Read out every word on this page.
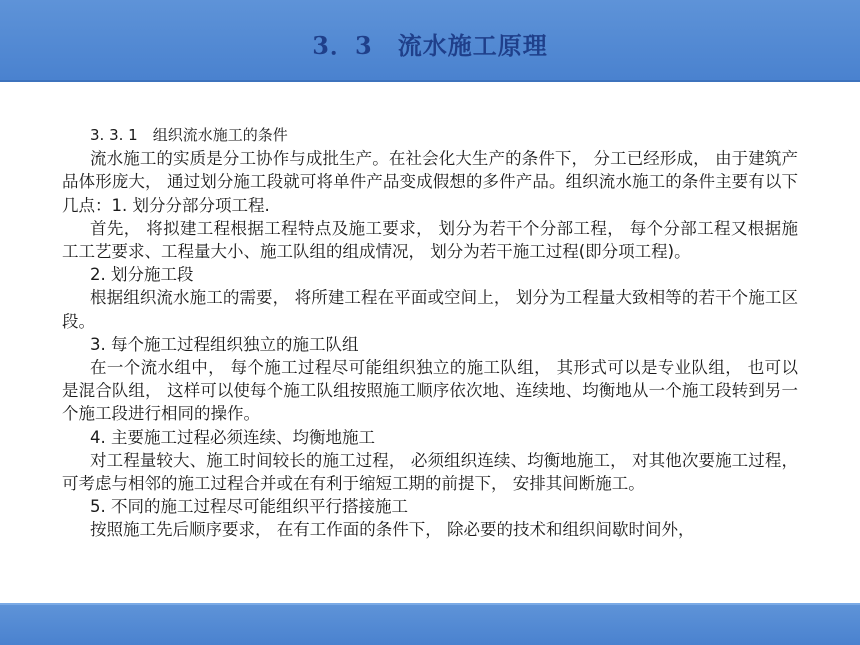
3．3　流水施工原理

3. 3. 1　组织流水施工的条件

流水施工的实质是分工协作与成批生产。在社会化大生产的条件下， 分工已经形成， 由于建筑产品体形庞大， 通过划分施工段就可将单件产品变成假想的多件产品。组织流水施工的条件主要有以下几点：1. 划分分部分项工程.

首先， 将拟建工程根据工程特点及施工要求， 划分为若干个分部工程， 每个分部工程又根据施工工艺要求、工程量大小、施工队组的组成情况， 划分为若干施工过程(即分项工程)。

2. 划分施工段

根据组织流水施工的需要， 将所建工程在平面或空间上， 划分为工程量大致相等的若干个施工区段。

3. 每个施工过程组织独立的施工队组

在一个流水组中， 每个施工过程尽可能组织独立的施工队组， 其形式可以是专业队组， 也可以是混合队组， 这样可以使每个施工队组按照施工顺序依次地、连续地、均衡地从一个施工段转到另一个施工段进行相同的操作。

4. 主要施工过程必须连续、均衡地施工

对工程量较大、施工时间较长的施工过程， 必须组织连续、均衡地施工， 对其他次要施工过程， 可考虑与相邻的施工过程合并或在有利于缩短工期的前提下， 安排其间断施工。

5. 不同的施工过程尽可能组织平行搭接施工

按照施工先后顺序要求， 在有工作面的条件下， 除必要的技术和组织间歇时间外，
